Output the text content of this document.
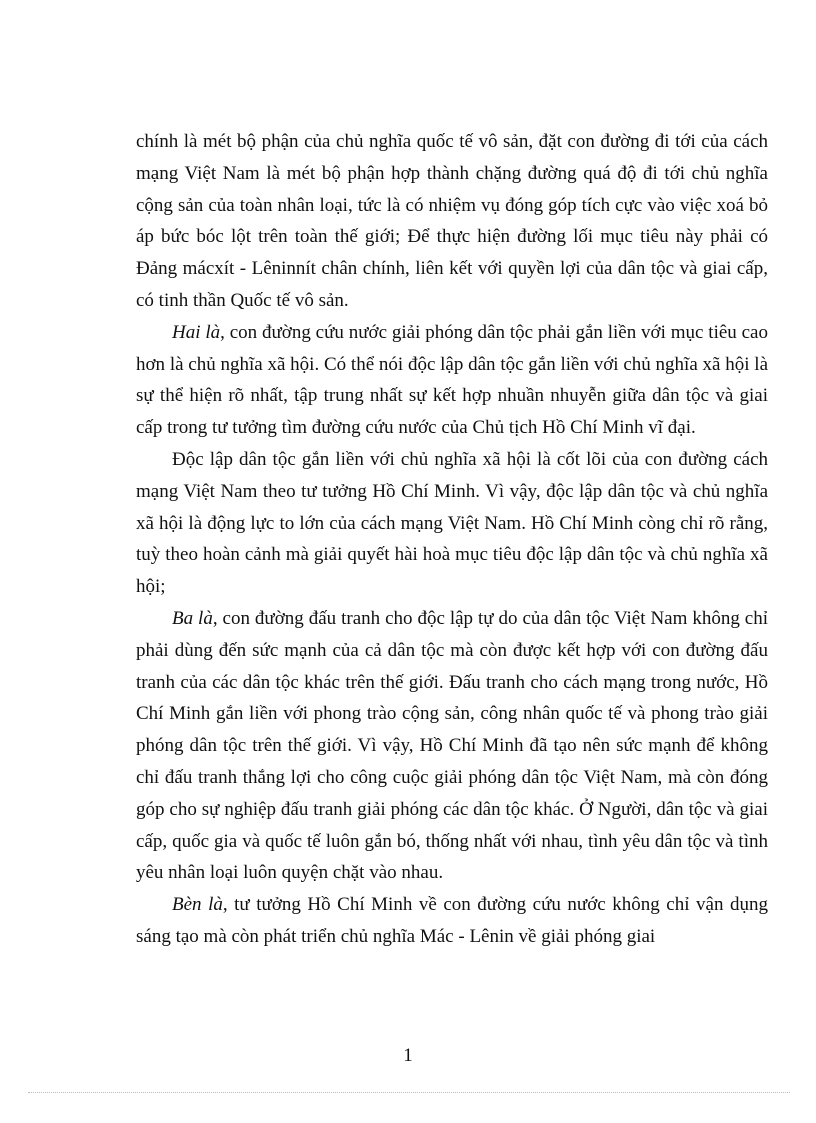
chính là mét bộ phận của chủ nghĩa quốc tế vô sản, đặt con đường đi tới của cách mạng Việt Nam là mét bộ phận hợp thành chặng đường quá độ đi tới chủ nghĩa cộng sản của toàn nhân loại, tức là có nhiệm vụ đóng góp tích cực vào việc xoá bỏ áp bức bóc lột trên toàn thế giới; Để thực hiện đường lối mục tiêu này phải có Đảng mácxít - Lêninnít chân chính, liên kết với quyền lợi của dân tộc và giai cấp, có tinh thần Quốc tế vô sản.

Hai là, con đường cứu nước giải phóng dân tộc phải gắn liền với mục tiêu cao hơn là chủ nghĩa xã hội. Có thể nói độc lập dân tộc gắn liền với chủ nghĩa xã hội là sự thể hiện rõ nhất, tập trung nhất sự kết hợp nhuần nhuyễn giữa dân tộc và giai cấp trong tư tưởng tìm đường cứu nước của Chủ tịch Hồ Chí Minh vĩ đại.

Độc lập dân tộc gắn liền với chủ nghĩa xã hội là cốt lõi của con đường cách mạng Việt Nam theo tư tưởng Hồ Chí Minh. Vì vậy, độc lập dân tộc và chủ nghĩa xã hội là động lực to lớn của cách mạng Việt Nam. Hồ Chí Minh còng chỉ rõ rằng, tuỳ theo hoàn cảnh mà giải quyết hài hoà mục tiêu độc lập dân tộc và chủ nghĩa xã hội;

Ba là, con đường đấu tranh cho độc lập tự do của dân tộc Việt Nam không chỉ phải dùng đến sức mạnh của cả dân tộc mà còn được kết hợp với con đường đấu tranh của các dân tộc khác trên thế giới. Đấu tranh cho cách mạng trong nước, Hồ Chí Minh gắn liền với phong trào cộng sản, công nhân quốc tế và phong trào giải phóng dân tộc trên thế giới. Vì vậy, Hồ Chí Minh đã tạo nên sức mạnh để không chỉ đấu tranh thắng lợi cho công cuộc giải phóng dân tộc Việt Nam, mà còn đóng góp cho sự nghiệp đấu tranh giải phóng các dân tộc khác. Ở Người, dân tộc và giai cấp, quốc gia và quốc tế luôn gắn bó, thống nhất với nhau, tình yêu dân tộc và tình yêu nhân loại luôn quyện chặt vào nhau.

Bèn là, tư tưởng Hồ Chí Minh về con đường cứu nước không chỉ vận dụng sáng tạo mà còn phát triển chủ nghĩa Mác - Lênin về giải phóng giai

1
